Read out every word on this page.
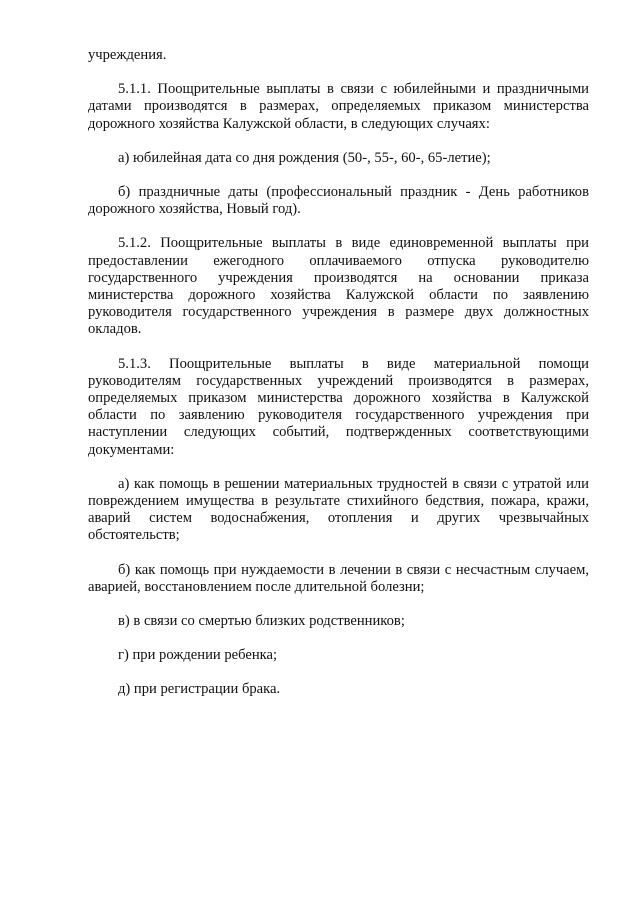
учреждения.

5.1.1. Поощрительные выплаты в связи с юбилейными и праздничными датами производятся в размерах, определяемых приказом министерства дорожного хозяйства Калужской области, в следующих случаях:

а) юбилейная дата со дня рождения (50-, 55-, 60-, 65-летие);

б) праздничные даты (профессиональный праздник - День работников дорожного хозяйства, Новый год).

5.1.2. Поощрительные выплаты в виде единовременной выплаты при предоставлении ежегодного оплачиваемого отпуска руководителю государственного учреждения производятся на основании приказа министерства дорожного хозяйства Калужской области по заявлению руководителя государственного учреждения в размере двух должностных окладов.

5.1.3. Поощрительные выплаты в виде материальной помощи руководителям государственных учреждений производятся в размерах, определяемых приказом министерства дорожного хозяйства в Калужской области по заявлению руководителя государственного учреждения при наступлении следующих событий, подтвержденных соответствующими документами:

а) как помощь в решении материальных трудностей в связи с утратой или повреждением имущества в результате стихийного бедствия, пожара, кражи, аварий систем водоснабжения, отопления и других чрезвычайных обстоятельств;

б) как помощь при нуждаемости в лечении в связи с несчастным случаем, аварией, восстановлением после длительной болезни;

в) в связи со смертью близких родственников;

г) при рождении ребенка;

д) при регистрации брака.
